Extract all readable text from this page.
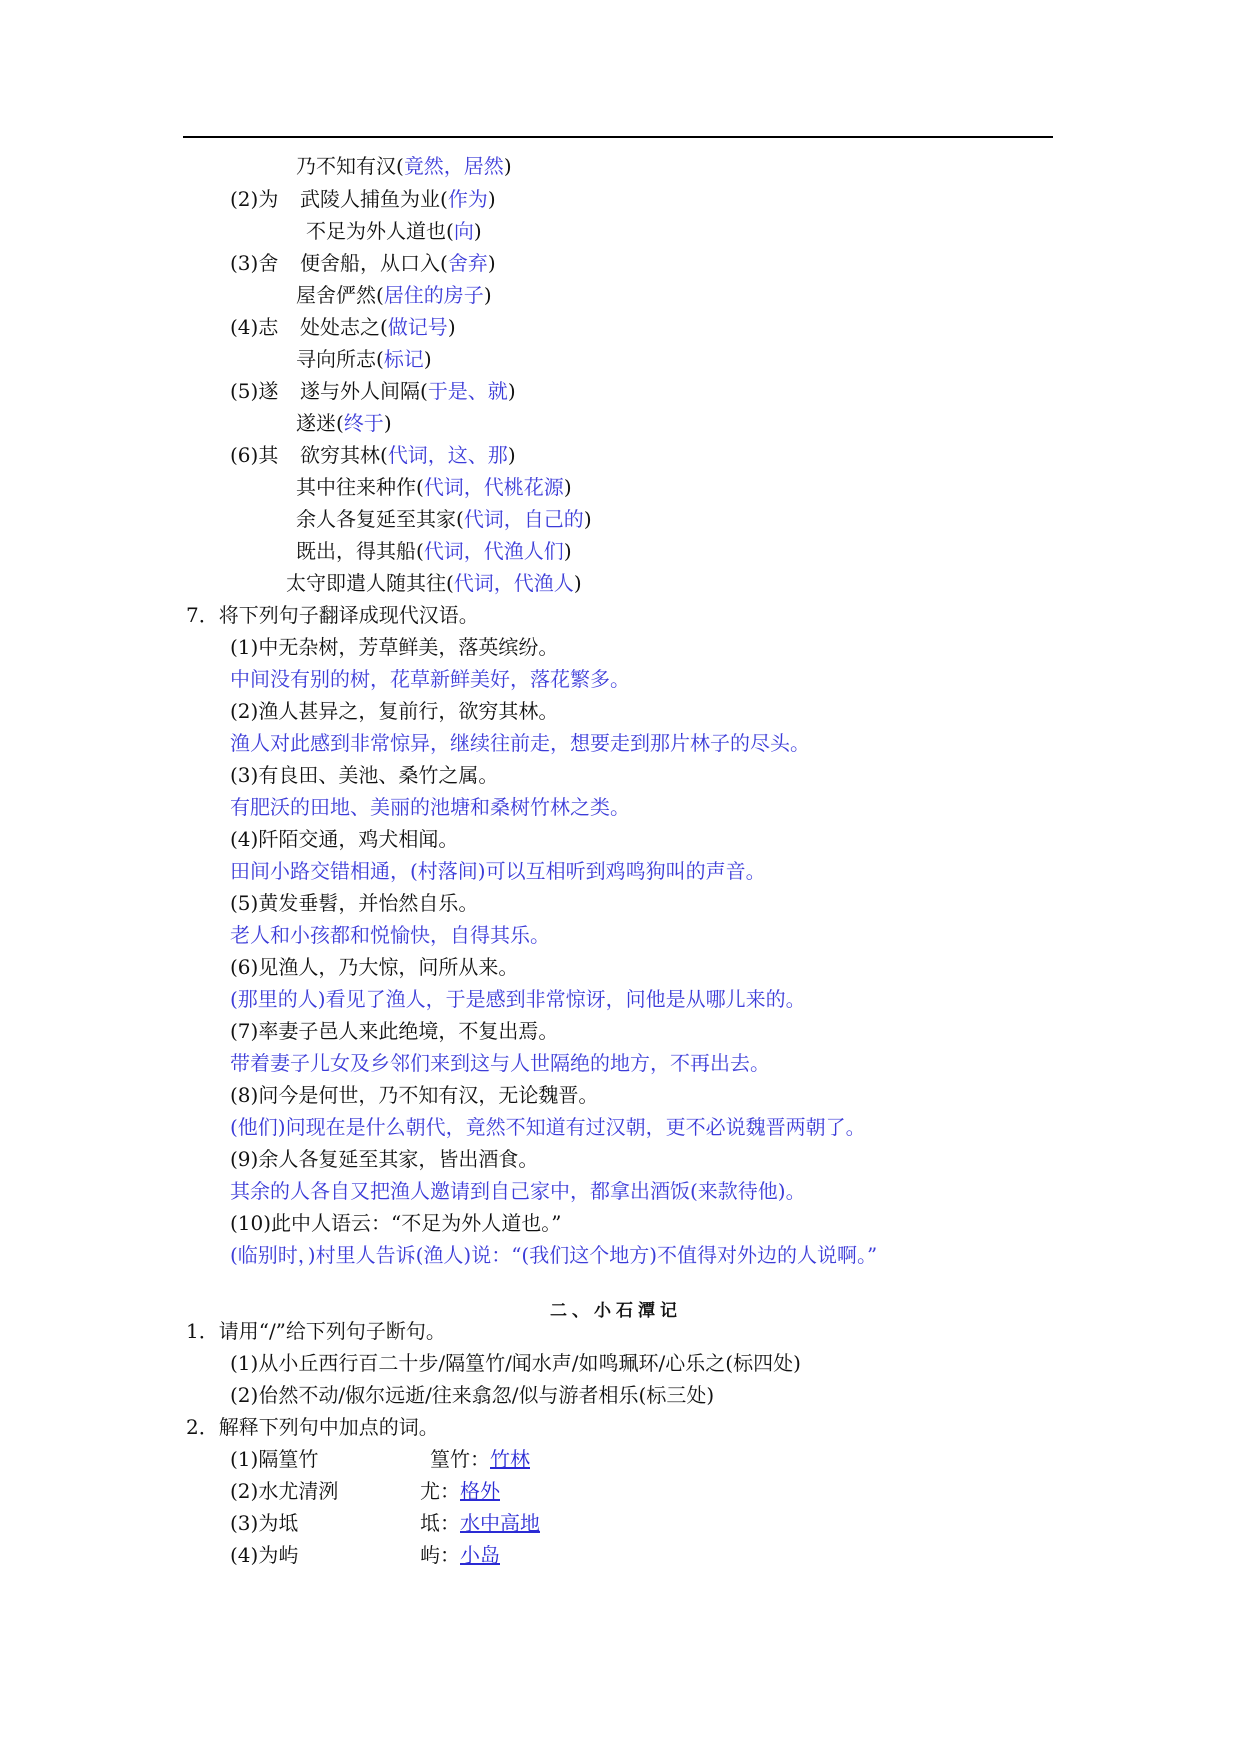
乃不知有汉(竟然，居然)
(2)为 武陵人捕鱼为业(作为)
不足为外人道也(向)
(3)舍 便舍船，从口入(舍弃)
屋舍俨然(居住的房子)
(4)志 处处志之(做记号)
寻向所志(标记)
(5)遂 遂与外人间隔(于是、就)
遂迷(终于)
(6)其 欲穷其林(代词，这、那)
其中往来种作(代词，代桃花源)
余人各复延至其家(代词，自己的)
既出，得其船(代词，代渔人们)
太守即遣人随其往(代词，代渔人)
7．将下列句子翻译成现代汉语。
(1)中无杂树，芳草鲜美，落英缤纷。
中间没有别的树，花草新鲜美好，落花繁多。
(2)渔人甚异之，复前行，欲穷其林。
渔人对此感到非常惊异，继续往前走，想要走到那片林子的尽头。
(3)有良田、美池、桑竹之属。
有肥沃的田地、美丽的池塘和桑树竹林之类。
(4)阡陌交通，鸡犬相闻。
田间小路交错相通，(村落间)可以互相听到鸡鸣狗叫的声音。
(5)黄发垂髫，并怡然自乐。
老人和小孩都和悦愉快，自得其乐。
(6)见渔人，乃大惊，问所从来。
(那里的人)看见了渔人，于是感到非常惊讶，问他是从哪儿来的。
(7)率妻子邑人来此绝境，不复出焉。
带着妻子儿女及乡邻们来到这与人世隔绝的地方，不再出去。
(8)问今是何世，乃不知有汉，无论魏晋。
(他们)问现在是什么朝代，竟然不知道有过汉朝，更不必说魏晋两朝了。
(9)余人各复延至其家，皆出酒食。
其余的人各自又把渔人邀请到自己家中，都拿出酒饭(来款待他)。
(10)此中人语云：“不足为外人道也。”
(临别时，)村里人告诉(渔人)说：“(我们这个地方)不值得对外边的人说啊。”
二、小石潭记
1．请用“/”给下列句子断句。
(1)从小丘西行百二十步/隔篁竹/闻水声/如鸣珮环/心乐之(标四处)
(2)佁然不动/俶尔远逝/往来翕忽/似与游者相乐(标三处)
2．解释下列句中加点的词。
(1)隔篁竹	篁竹：竹林
(2)水尤清洌	尤：格外
(3)为坻	坻：水中高地
(4)为屿	屿：小岛
